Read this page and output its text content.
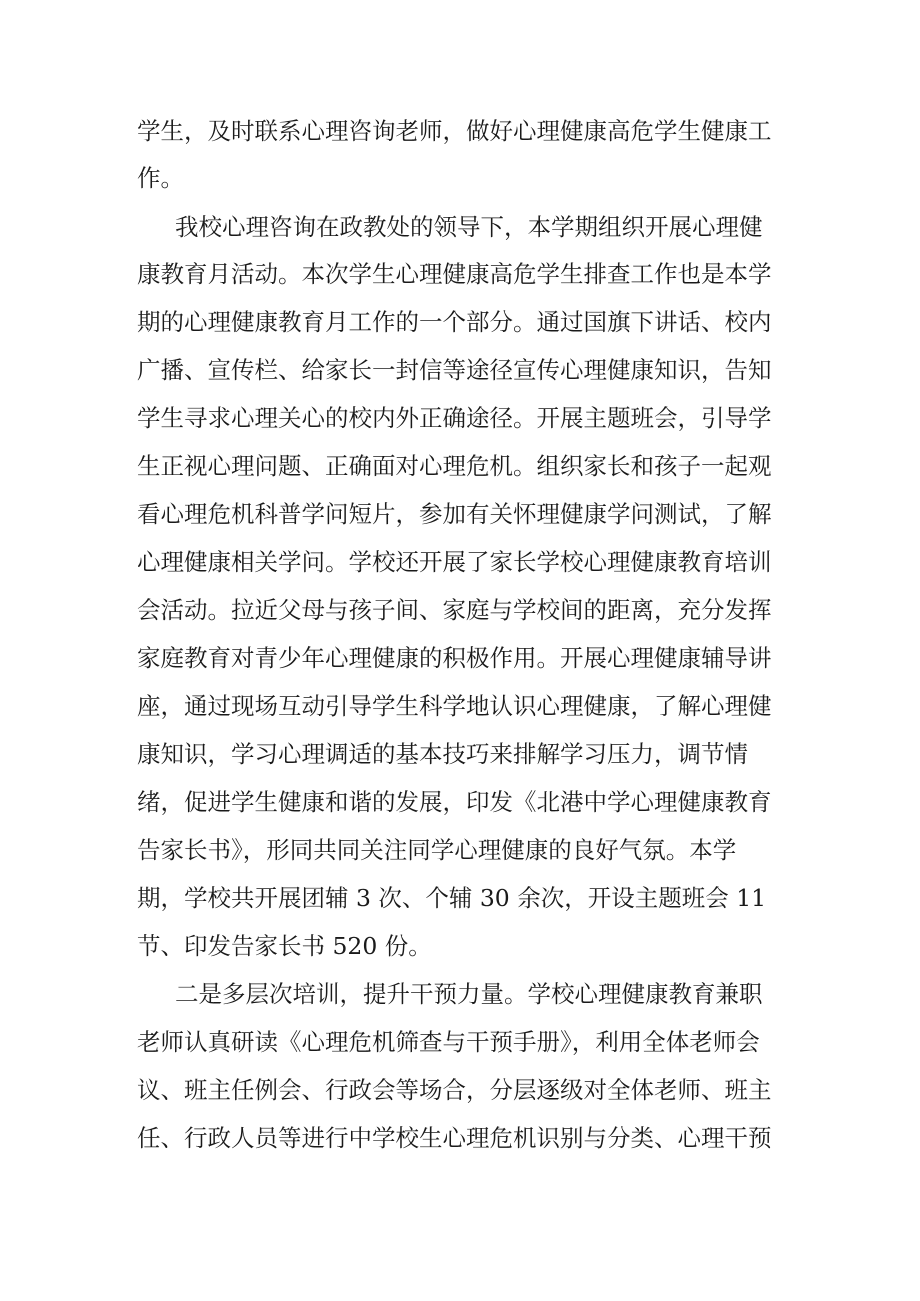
学生，及时联系心理咨询老师，做好心理健康高危学生健康工
作。
我校心理咨询在政教处的领导下，本学期组织开展心理健
康教育月活动。本次学生心理健康高危学生排查工作也是本学
期的心理健康教育月工作的一个部分。通过国旗下讲话、校内
广播、宣传栏、给家长一封信等途径宣传心理健康知识，告知
学生寻求心理关心的校内外正确途径。开展主题班会，引导学
生正视心理问题、正确面对心理危机。组织家长和孩子一起观
看心理危机科普学问短片，参加有关怀理健康学问测试，了解
心理健康相关学问。学校还开展了家长学校心理健康教育培训
会活动。拉近父母与孩子间、家庭与学校间的距离，充分发挥
家庭教育对青少年心理健康的积极作用。开展心理健康辅导讲
座，通过现场互动引导学生科学地认识心理健康，了解心理健
康知识，学习心理调适的基本技巧来排解学习压力，调节情
绪，促进学生健康和谐的发展，印发《北港中学心理健康教育
告家长书》，形同共同关注同学心理健康的良好气氛。本学
期，学校共开展团辅 3 次、个辅 30 余次，开设主题班会 11
节、印发告家长书 520 份。
二是多层次培训，提升干预力量。学校心理健康教育兼职
老师认真研读《心理危机筛查与干预手册》，利用全体老师会
议、班主任例会、行政会等场合，分层逐级对全体老师、班主
任、行政人员等进行中学校生心理危机识别与分类、心理干预
